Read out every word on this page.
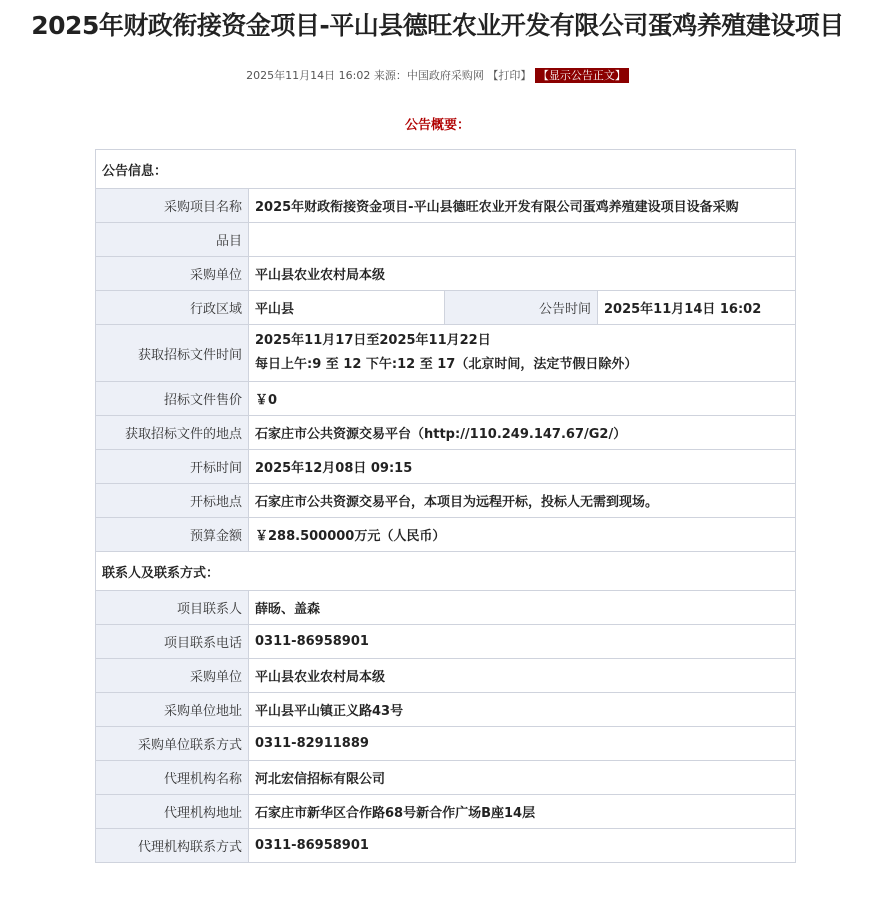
2025年财政衔接资金项目-平山县德旺农业开发有限公司蛋鸡养殖建设项目
2025年11月14日 16:02 来源：中国政府采购网 【打印】 【显示公告正文】
公告概要：
公告信息：			
采购项目名称	2025年财政衔接资金项目-平山县德旺农业开发有限公司蛋鸡养殖建设项目设备采购		
品目			
采购单位	平山县农业农村局本级		
行政区域	平山县	公告时间	2025年11月14日 16:02
获取招标文件时间	2025年11月17日至2025年11月22日
每日上午:9 至 12 下午:12 至 17（北京时间，法定节假日除外）		

招标文件售价	￥0		
获取招标文件的地点	石家庄市公共资源交易平台（http://110.249.147.67/G2/）		
开标时间	2025年12月08日 09:15		
开标地点	石家庄市公共资源交易平台，本项目为远程开标，投标人无需到现场。		
预算金额	￥288.500000万元（人民币）		
联系人及联系方式：			
项目联系人	薛旸、盖森		
项目联系电话	0311-86958901		
采购单位	平山县农业农村局本级		
采购单位地址	平山县平山镇正义路43号		
采购单位联系方式	0311-82911889		
代理机构名称	河北宏信招标有限公司		
代理机构地址	石家庄市新华区合作路68号新合作广场B座14层		
代理机构联系方式	0311-86958901		
